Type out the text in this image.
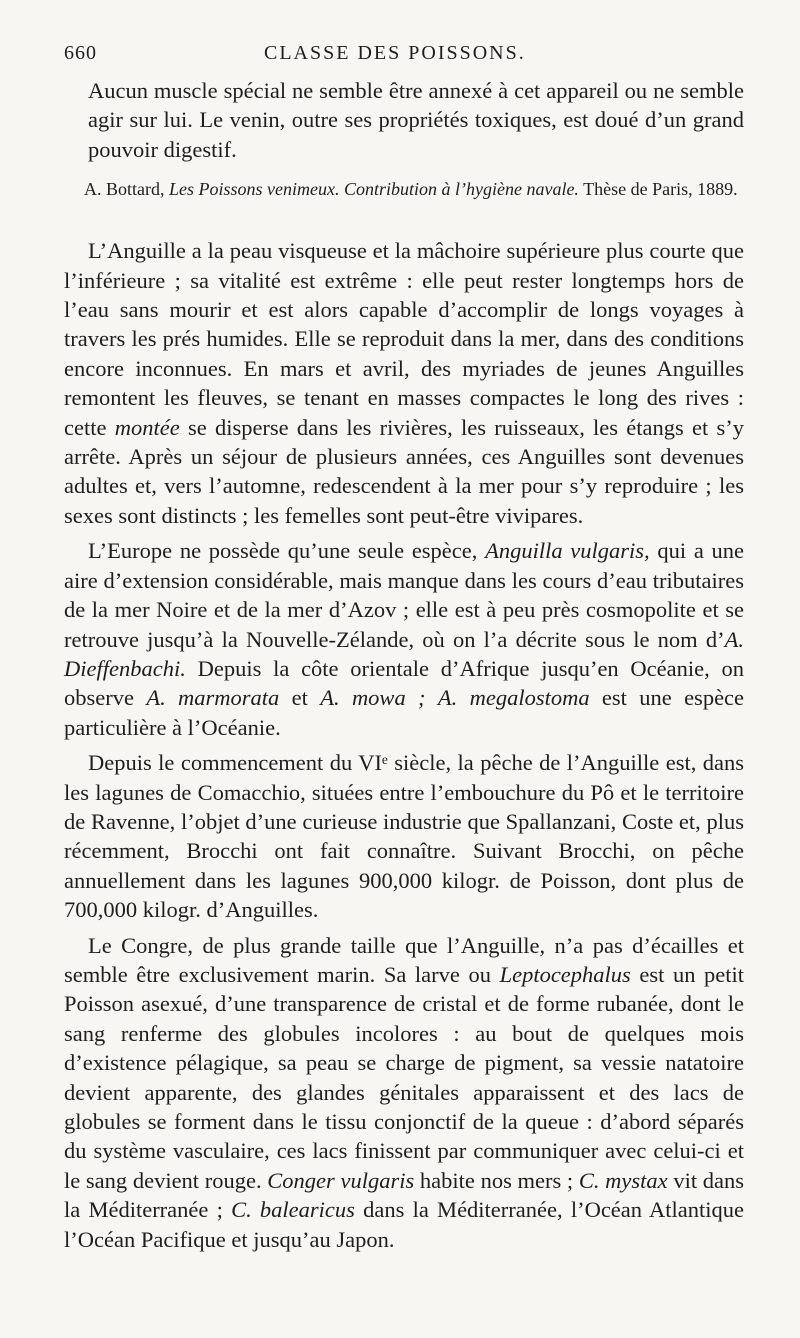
660	CLASSE DES POISSONS.

Aucun muscle spécial ne semble être annexé à cet appareil ou ne semble agir sur lui. Le venin, outre ses propriétés toxiques, est doué d’un grand pouvoir digestif.

A. Bottard, Les Poissons venimeux. Contribution à l’hygiène navale. Thèse de Paris, 1889.

L’Anguille a la peau visqueuse et la mâchoire supérieure plus courte que l’inférieure ; sa vitalité est extrême : elle peut rester longtemps hors de l’eau sans mourir et est alors capable d’accomplir de longs voyages à travers les prés humides. Elle se reproduit dans la mer, dans des conditions encore inconnues. En mars et avril, des myriades de jeunes Anguilles remontent les fleuves, se tenant en masses compactes le long des rives : cette montée se disperse dans les rivières, les ruisseaux, les étangs et s’y arrête. Après un séjour de plusieurs années, ces Anguilles sont devenues adultes et, vers l’automne, redescendent à la mer pour s’y reproduire ; les sexes sont distincts ; les femelles sont peut-être vivipares.

L’Europe ne possède qu’une seule espèce, Anguilla vulgaris, qui a une aire d’extension considérable, mais manque dans les cours d’eau tributaires de la mer Noire et de la mer d’Azov ; elle est à peu près cosmopolite et se retrouve jusqu’à la Nouvelle-Zélande, où on l’a décrite sous le nom d’A. Dieffenbachi. Depuis la côte orientale d’Afrique jusqu’en Océanie, on observe A. marmorata et A. mowa ; A. megalostoma est une espèce particulière à l’Océanie.

Depuis le commencement du VIᵉ siècle, la pêche de l’Anguille est, dans les lagunes de Comacchio, situées entre l’embouchure du Pô et le territoire de Ravenne, l’objet d’une curieuse industrie que Spallanzani, Coste et, plus récemment, Brocchi ont fait connaître. Suivant Brocchi, on pêche annuellement dans les lagunes 900,000 kilogr. de Poisson, dont plus de 700,000 kilogr. d’Anguilles.

Le Congre, de plus grande taille que l’Anguille, n’a pas d’écailles et semble être exclusivement marin. Sa larve ou Leptocephalus est un petit Poisson asexué, d’une transparence de cristal et de forme rubanée, dont le sang renferme des globules incolores : au bout de quelques mois d’existence pélagique, sa peau se charge de pigment, sa vessie natatoire devient apparente, des glandes génitales apparaissent et des lacs de globules se forment dans le tissu conjonctif de la queue : d’abord séparés du système vasculaire, ces lacs finissent par communiquer avec celui-ci et le sang devient rouge. Conger vulgaris habite nos mers ; C. mystax vit dans la Méditerranée ; C. balearicus dans la Méditerranée, l’Océan Atlantique l’Océan Pacifique et jusqu’au Japon.
